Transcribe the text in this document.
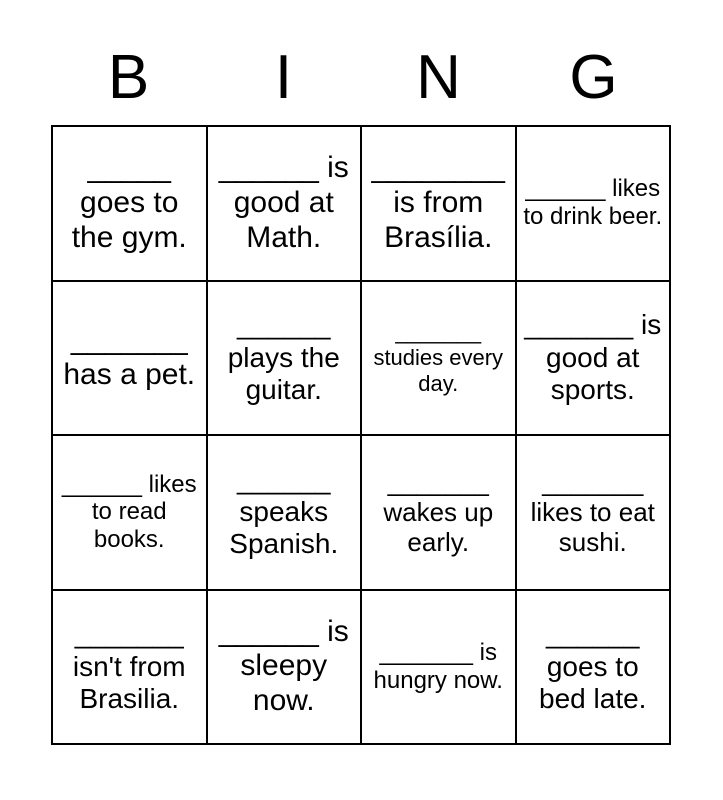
B	I	N	G
_____ goes to the gym.
______ is good at Math.
________ is from Brasília.
______ likes to drink beer.
_______ has a pet.
______ plays the guitar.
_______ studies every day.
_______ is good at sports.
______ likes to read books.
______ speaks Spanish.
_______ wakes up early.
_______ likes to eat sushi.
_______ isn't from Brasilia.
______ is sleepy now.
_______ is hungry now.
______ goes to bed late.
